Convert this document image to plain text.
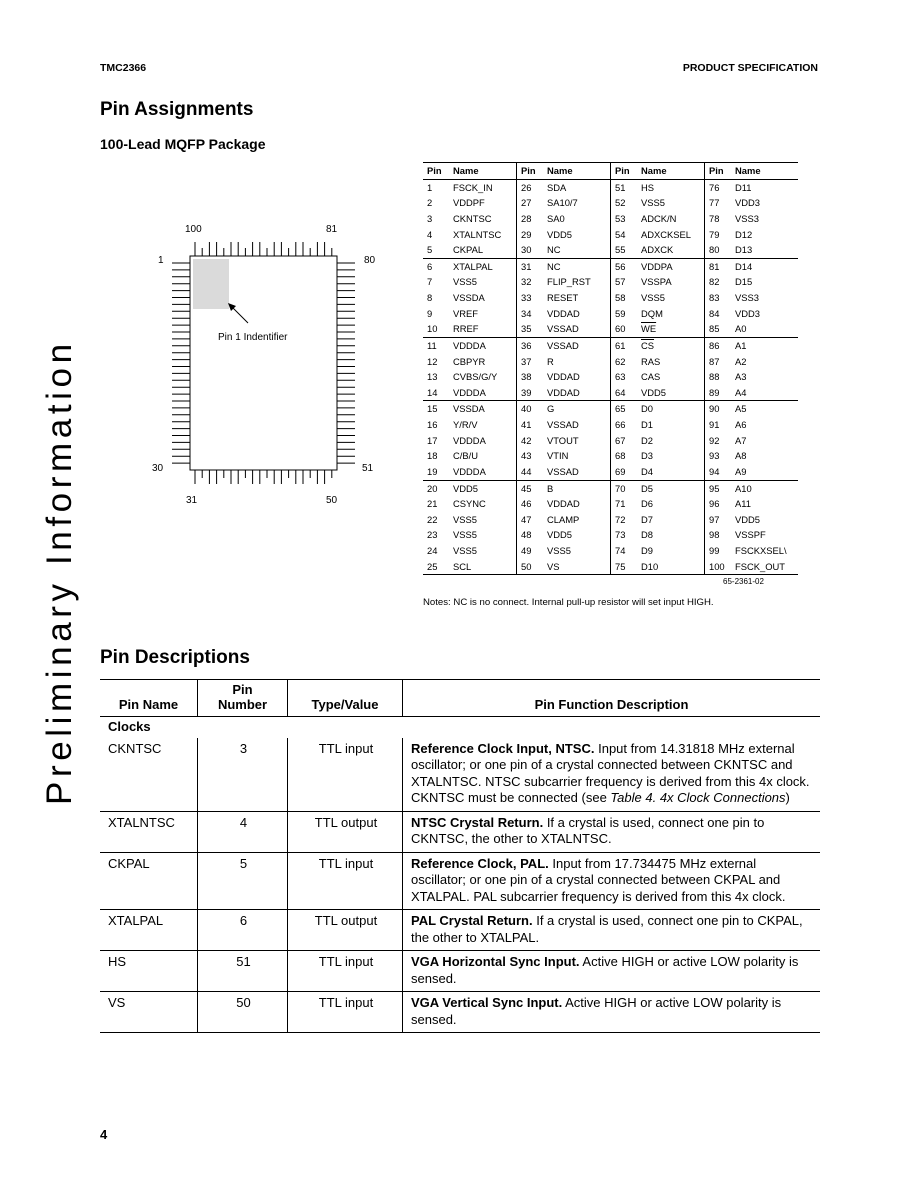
TMC2366	PRODUCT SPECIFICATION
Preliminary Information
Pin Assignments
100-Lead MQFP Package
100	81
1	80
30	51
31	50
Pin 1 Indentifier
Pin	Name	Pin	Name	Pin	Name	Pin	Name
1	FSCK_IN	26	SDA	51	HS	76	D11
2	VDDPF	27	SA10/7	52	VSS5	77	VDD3
3	CKNTSC	28	SA0	53	ADCK/N	78	VSS3
4	XTALNTSC	29	VDD5	54	ADXCKSEL	79	D12
5	CKPAL	30	NC	55	ADXCK	80	D13
6	XTALPAL	31	NC	56	VDDPA	81	D14
7	VSS5	32	FLIP_RST	57	VSSPA	82	D15
8	VSSDA	33	RESET	58	VSS5	83	VSS3
9	VREF	34	VDDAD	59	DQM	84	VDD3
10	RREF	35	VSSAD	60	$\overline{WE}$	85	A0
11	VDDDA	36	VSSAD	61	$\overline{CS}$	86	A1
12	CBPYR	37	R	62	RAS	87	A2
13	CVBS/G/Y	38	VDDAD	63	CAS	88	A3
14	VDDDA	39	VDDAD	64	VDD5	89	A4
15	VSSDA	40	G	65	D0	90	A5
16	Y/R/V	41	VSSAD	66	D1	91	A6
17	VDDDA	42	VTOUT	67	D2	92	A7
18	C/B/U	43	VTIN	68	D3	93	A8
19	VDDDA	44	VSSAD	69	D4	94	A9
20	VDD5	45	B	70	D5	95	A10
21	CSYNC	46	VDDAD	71	D6	96	A11
22	VSS5	47	CLAMP	72	D7	97	VDD5
23	VSS5	48	VDD5	73	D8	98	VSSPF
24	VSS5	49	VSS5	74	D9	99	FSCKXSEL\
25	SCL	50	VS	75	D10	100	FSCK_OUT
65-2361-02
Notes: NC is no connect. Internal pull-up resistor will set input HIGH.
Pin Descriptions
Pin Name	Pin
Number	Type/Value	Pin Function Description
Clocks			
CKNTSC	3	TTL input	Reference Clock Input, NTSC. Input from 14.31818 MHz external oscillator; or one pin of a crystal connected between CKNTSC and XTALNTSC. NTSC subcarrier frequency is derived from this 4x clock. CKNTSC must be connected (see Table 4. 4x Clock Connections)
XTALNTSC	4	TTL output	NTSC Crystal Return. If a crystal is used, connect one pin to CKNTSC, the other to XTALNTSC.
CKPAL	5	TTL input	Reference Clock, PAL. Input from 17.734475 MHz external oscillator; or one pin of a crystal connected between CKPAL and XTALPAL. PAL subcarrier frequency is derived from this 4x clock.
XTALPAL	6	TTL output	PAL Crystal Return. If a crystal is used, connect one pin to CKPAL, the other to XTALPAL.
HS	51	TTL input	VGA Horizontal Sync Input. Active HIGH or active LOW polarity is sensed.
VS	50	TTL input	VGA Vertical Sync Input. Active HIGH or active LOW polarity is sensed.
4
